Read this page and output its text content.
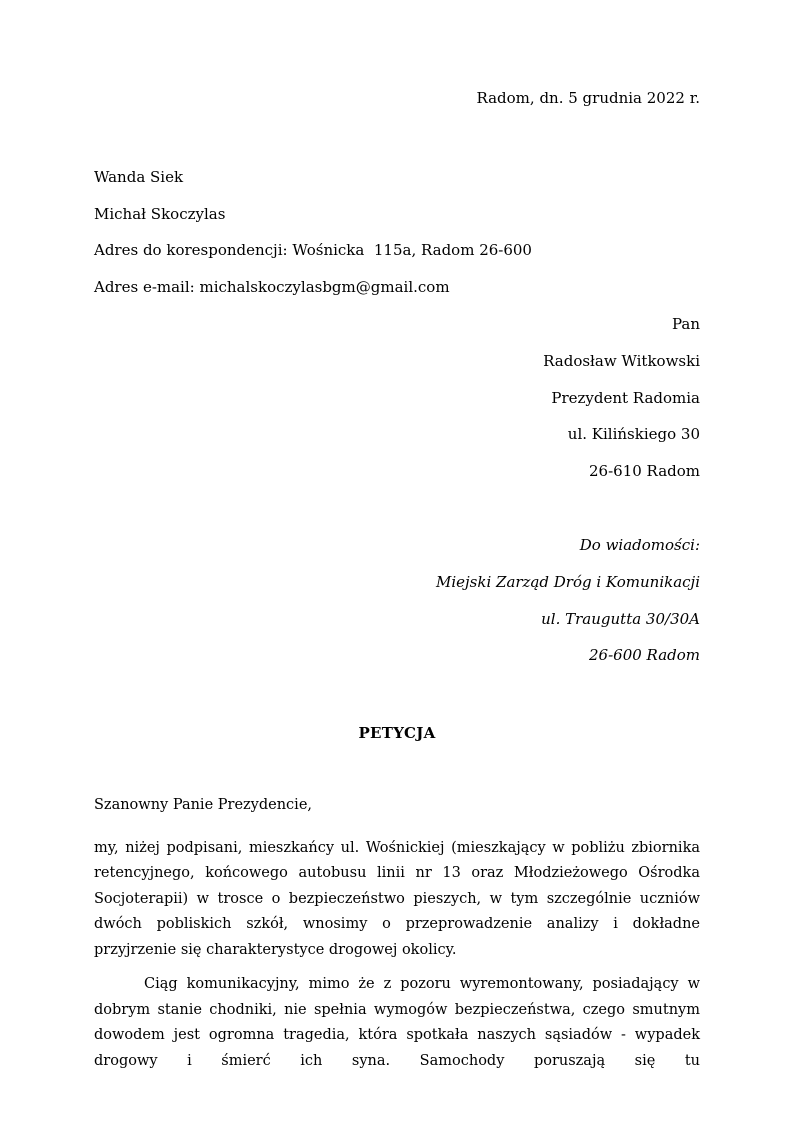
Radom, dn. 5 grudnia 2022 r.
Wanda Siek
Michał Skoczylas
Adres do korespondencji: Wośnicka  115a, Radom 26-600
Adres e-mail: michalskoczylasbgm@gmail.com
Pan
Radosław Witkowski
Prezydent Radomia
ul. Kilińskiego 30
26-610 Radom
Do wiadomości:
Miejski Zarząd Dróg i Komunikacji
ul. Traugutta 30/30A
26-600 Radom
PETYCJA

Szanowny Panie Prezydencie,

my, niżej podpisani, mieszkańcy ul. Wośnickiej (mieszkający w pobliżu zbiornika retencyjnego, końcowego autobusu linii nr 13 oraz Młodzieżowego Ośrodka Socjoterapii) w trosce o bezpieczeństwo pieszych, w tym szczególnie uczniów dwóch pobliskich szkół, wnosimy o przeprowadzenie analizy i dokładne przyjrzenie się charakterystyce drogowej okolicy.

Ciąg komunikacyjny, mimo że z pozoru wyremontowany, posiadający w dobrym stanie chodniki, nie spełnia wymogów bezpieczeństwa, czego smutnym dowodem jest ogromna tragedia, która spotkała naszych sąsiadów - wypadek drogowy i śmierć ich syna. Samochody poruszają się tu
